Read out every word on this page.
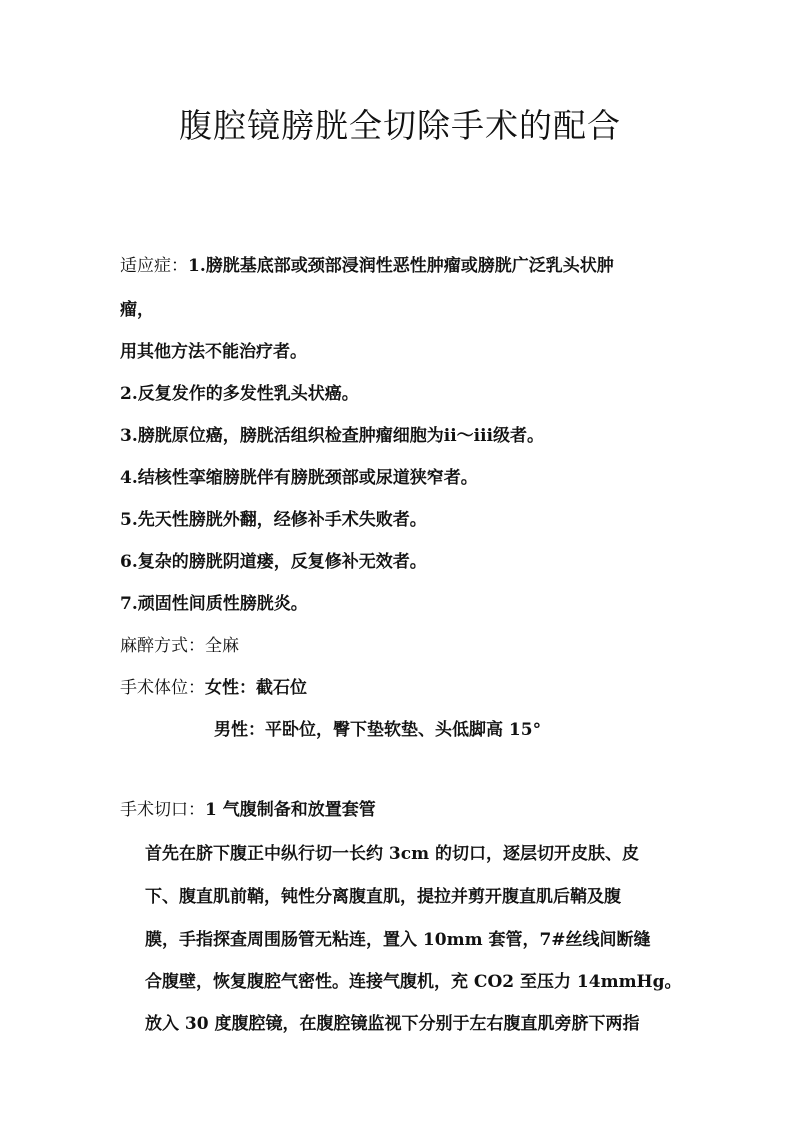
腹腔镜膀胱全切除手术的配合

适应症：1.膀胱基底部或颈部浸润性恶性肿瘤或膀胱广泛乳头状肿

瘤，

用其他方法不能治疗者。

2.反复发作的多发性乳头状癌。

3.膀胱原位癌，膀胱活组织检查肿瘤细胞为ⅱ～ⅲ级者。

4.结核性挛缩膀胱伴有膀胱颈部或尿道狭窄者。

5.先天性膀胱外翻，经修补手术失败者。

6.复杂的膀胱阴道瘘，反复修补无效者。

7.顽固性间质性膀胱炎。

麻醉方式：全麻

手术体位：女性：截石位

男性：平卧位，臀下垫软垫、头低脚高 15°

手术切口：1 气腹制备和放置套管

首先在脐下腹正中纵行切一长约 3cm 的切口，逐层切开皮肤、皮

下、腹直肌前鞘，钝性分离腹直肌，提拉并剪开腹直肌后鞘及腹

膜，手指探查周围肠管无粘连，置入 10mm 套管，7#丝线间断缝

合腹壁，恢复腹腔气密性。连接气腹机，充 CO2 至压力 14mmHg。

放入 30 度腹腔镜，在腹腔镜监视下分别于左右腹直肌旁脐下两指
